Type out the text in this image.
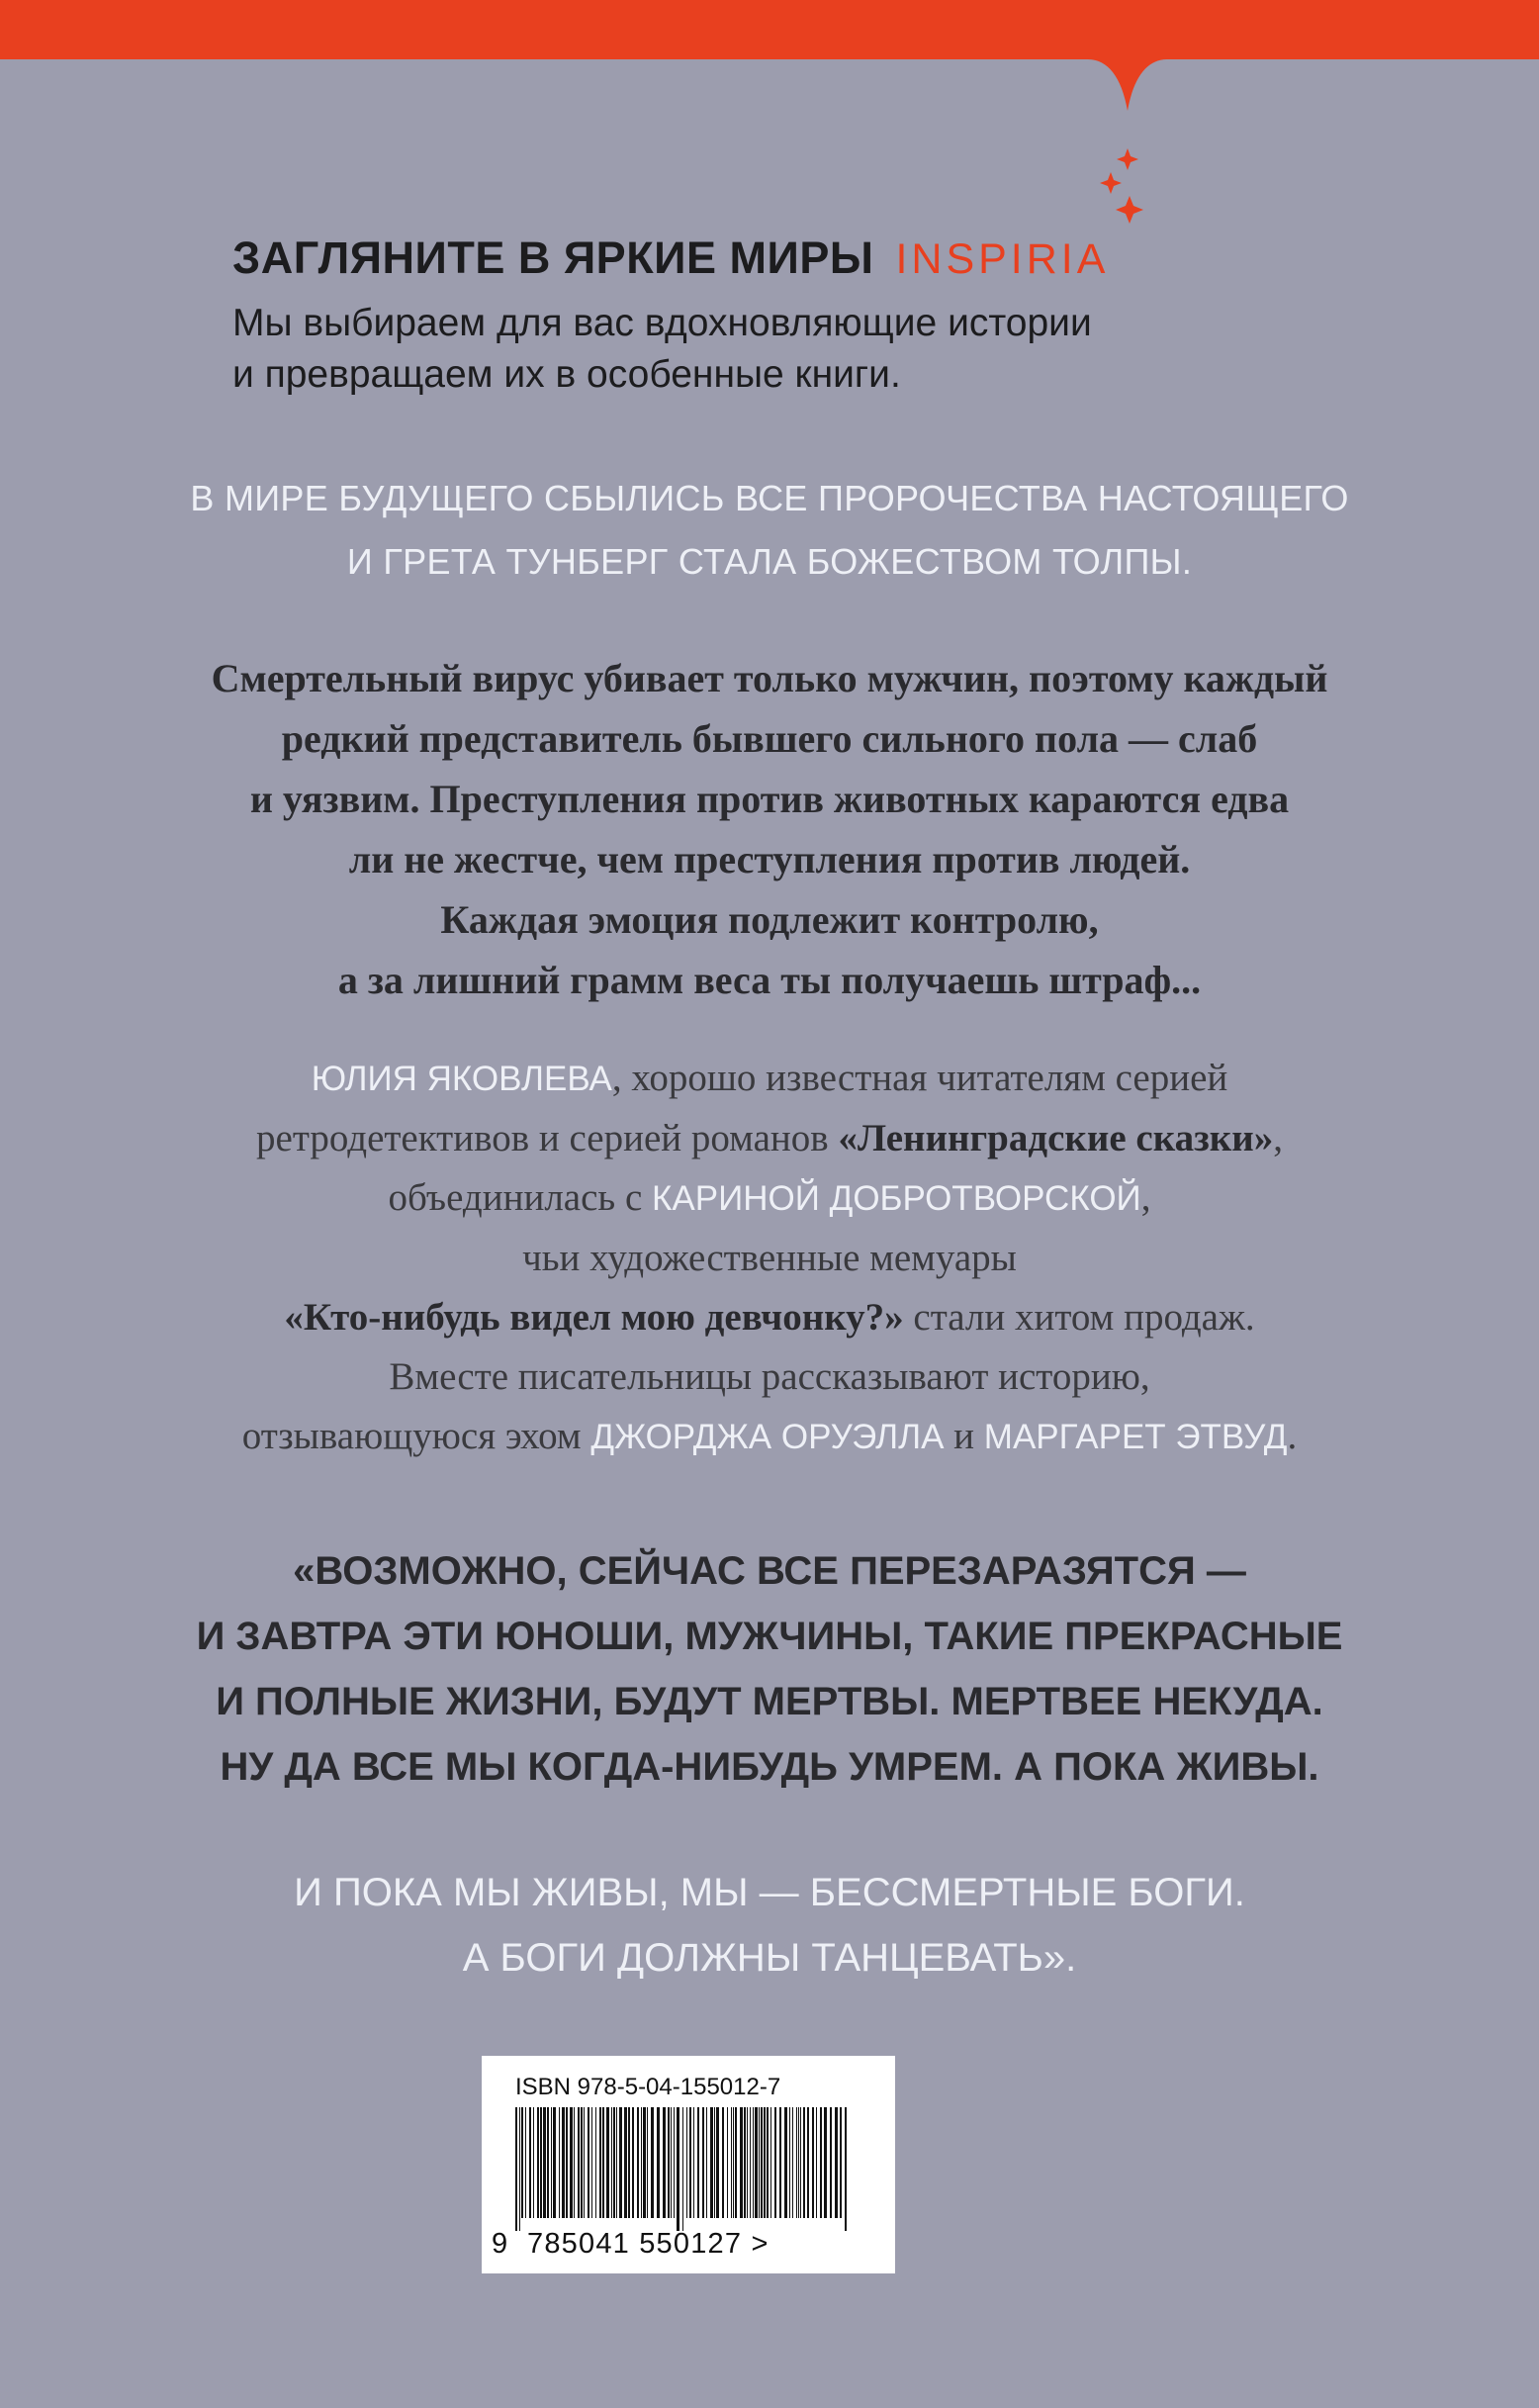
ЗАГЛЯНИТЕ В ЯРКИЕ МИРЫ INSPIRIA
Мы выбираем для вас вдохновляющие истории
и превращаем их в особенные книги.
В МИРЕ БУДУЩЕГО СБЫЛИСЬ ВСЕ ПРОРОЧЕСТВА НАСТОЯЩЕГО
И ГРЕТА ТУНБЕРГ СТАЛА БОЖЕСТВОМ ТОЛПЫ.
Смертельный вирус убивает только мужчин, поэтому каждый
редкий представитель бывшего сильного пола — слаб
и уязвим. Преступления против животных караются едва
ли не жестче, чем преступления против людей.
Каждая эмоция подлежит контролю,
а за лишний грамм веса ты получаешь штраф...
ЮЛИЯ ЯКОВЛЕВА, хорошо известная читателям серией
ретродетективов и серией романов «Ленинградские сказки»,
объединилась с КАРИНОЙ ДОБРОТВОРСКОЙ,
чьи художественные мемуары
«Кто-нибудь видел мою девчонку?» стали хитом продаж.
Вместе писательницы рассказывают историю,
отзывающуюся эхом ДЖОРДЖА ОРУЭЛЛА и МАРГАРЕТ ЭТВУД.
«ВОЗМОЖНО, СЕЙЧАС ВСЕ ПЕРЕЗАРАЗЯТСЯ —
И ЗАВТРА ЭТИ ЮНОШИ, МУЖЧИНЫ, ТАКИЕ ПРЕКРАСНЫЕ
И ПОЛНЫЕ ЖИЗНИ, БУДУТ МЕРТВЫ. МЕРТВЕЕ НЕКУДА.
НУ ДА ВСЕ МЫ КОГДА-НИБУДЬ УМРЕМ. А ПОКА ЖИВЫ.
И ПОКА МЫ ЖИВЫ, МЫ — БЕССМЕРТНЫЕ БОГИ.
А БОГИ ДОЛЖНЫ ТАНЦЕВАТЬ».
ISBN 978-5-04-155012-7
9 785041 550127 >
